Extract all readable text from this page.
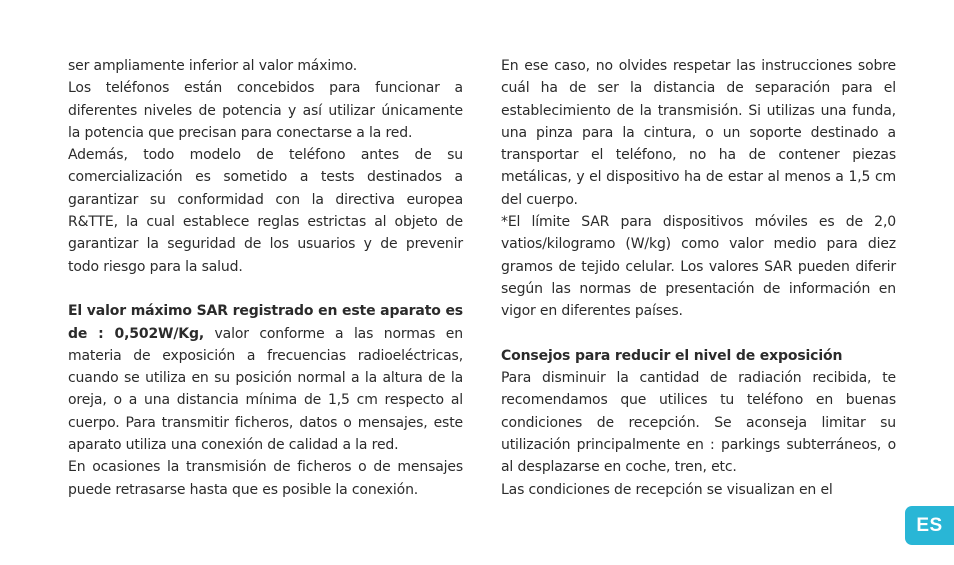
ser ampliamente inferior al valor máximo.

Los teléfonos están concebidos para funcionar a diferentes niveles de potencia y así utilizar únicamente la potencia que precisan para conectarse a la red.

Además, todo modelo de teléfono antes de su comercialización es sometido a tests destinados a garantizar su conformidad con la directiva europea R&TTE, la cual establece reglas estrictas al objeto de garantizar la seguridad de los usuarios y de prevenir todo riesgo para la salud.

El valor máximo SAR registrado en este aparato es de : 0,502W/Kg, valor conforme a las normas en materia de exposición a frecuencias radioeléctricas, cuando se utiliza en su posición normal a la altura de la oreja, o a una distancia mínima de 1,5 cm respecto al cuerpo. Para transmitir ficheros, datos o mensajes, este aparato utiliza una conexión de calidad a la red.

En ocasiones la transmisión de ficheros o de mensajes puede retrasarse hasta que es posible la conexión.

En ese caso, no olvides respetar las instrucciones sobre cuál ha de ser la distancia de separación para el establecimiento de la transmisión. Si utilizas una funda, una pinza para la cintura, o un soporte destinado a transportar el teléfono, no ha de contener piezas metálicas, y el dispositivo ha de estar al menos a 1,5 cm del cuerpo.

*El límite SAR para dispositivos móviles es de 2,0 vatios/kilogramo (W/kg) como valor medio para diez gramos de tejido celular. Los valores SAR pueden diferir según las normas de presentación de información en vigor en diferentes países.

Consejos para reducir el nivel de exposición

Para disminuir la cantidad de radiación recibida, te recomendamos que utilices tu teléfono en buenas condiciones de recepción. Se aconseja limitar su utilización principalmente en : parkings subterráneos, o al desplazarse en coche, tren, etc.

Las condiciones de recepción se visualizan en el

ES
